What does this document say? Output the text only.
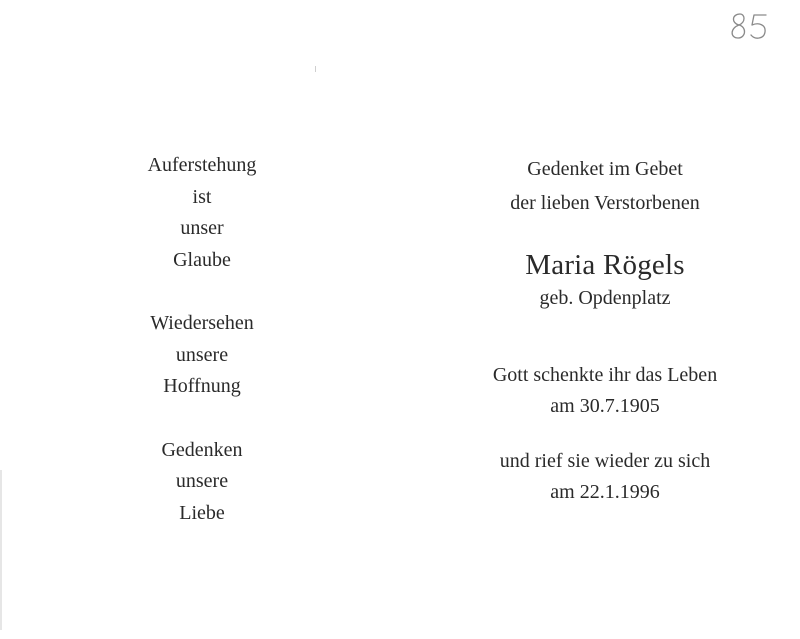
Auferstehung
ist
unser
Glaube
Wiedersehen
unsere
Hoffnung
Gedenken
unsere
Liebe
Gedenket im Gebet
der lieben Verstorbenen
Maria Rögels
geb. Opdenplatz
Gott schenkte ihr das Leben
am 30.7.1905
und rief sie wieder zu sich
am 22.1.1996
